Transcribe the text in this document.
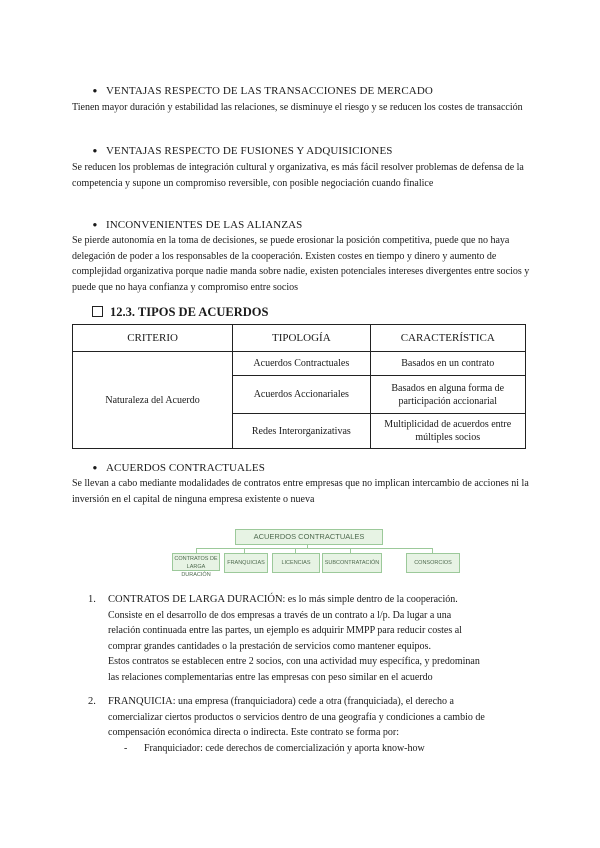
● VENTAJAS RESPECTO DE LAS TRANSACCIONES DE MERCADO
Tienen mayor duración y estabilidad las relaciones, se disminuye el riesgo y se reducen los costes de transacción
● VENTAJAS RESPECTO DE FUSIONES Y ADQUISICIONES
Se reducen los problemas de integración cultural y organizativa, es más fácil resolver problemas de defensa de la competencia y supone un compromiso reversible, con posible negociación cuando finalice
● INCONVENIENTES DE LAS ALIANZAS
Se pierde autonomía en la toma de decisiones, se puede erosionar la posición competitiva, puede que no haya delegación de poder a los responsables de la cooperación. Existen costes en tiempo y dinero y aumento de complejidad organizativa porque nadie manda sobre nadie, existen potenciales intereses divergentes entre socios y puede que no haya confianza y compromiso entre socios
12.3. TIPOS DE ACUERDOS
CRITERIO	TIPOLOGÍA	CARACTERÍSTICA
Naturaleza del Acuerdo	Acuerdos Contractuales	Basados en un contrato
	Acuerdos Accionariales	Basados en alguna forma de participación accionarial
	Redes Interorganizativas	Multiplicidad de acuerdos entre múltiples socios
● ACUERDOS CONTRACTUALES
Se llevan a cabo mediante modalidades de contratos entre empresas que no implican intercambio de acciones ni la inversión en el capital de ninguna empresa existente o nueva
ACUERDOS CONTRACTUALES
CONTRATOS DE LARGA DURACIÓN
FRANQUICIAS	LICENCIAS	SUBCONTRATACIÓN	CONSORCIOS
1. CONTRATOS DE LARGA DURACIÓN: es lo más simple dentro de la cooperación.
Consiste en el desarrollo de dos empresas a través de un contrato a l/p. Da lugar a una
relación continuada entre las partes, un ejemplo es adquirir MMPP para reducir costes al
comprar grandes cantidades o la prestación de servicios como mantener equipos.
Estos contratos se establecen entre 2 socios, con una actividad muy específica, y predominan
las relaciones complementarias entre las empresas con peso similar en el acuerdo
2. FRANQUICIA: una empresa (franquiciadora) cede a otra (franquiciada), el derecho a
comercializar ciertos productos o servicios dentro de una geografía y condiciones a cambio de
compensación económica directa o indirecta. Este contrato se forma por:
- Franquiciador: cede derechos de comercialización y aporta know-how
